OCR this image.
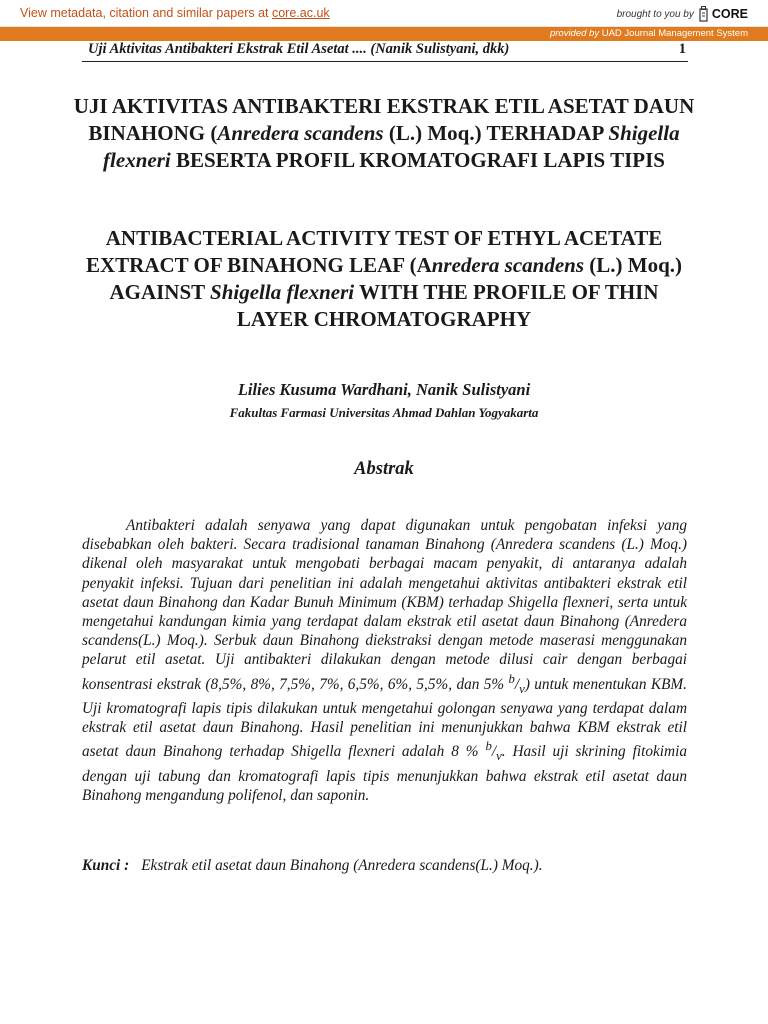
View metadata, citation and similar papers at core.ac.uk	brought to you by CORE
provided by UAD Journal Management System
Uji Aktivitas Antibakteri Ekstrak Etil Asetat .... (Nanik Sulistyani, dkk)	1
UJI AKTIVITAS ANTIBAKTERI EKSTRAK ETIL ASETAT DAUN BINAHONG (Anredera scandens (L.) Moq.) TERHADAP Shigella flexneri BESERTA PROFIL KROMATOGRAFI LAPIS TIPIS
ANTIBACTERIAL ACTIVITY TEST OF ETHYL ACETATE EXTRACT OF BINAHONG LEAF (Anredera scandens (L.) Moq.) AGAINST Shigella flexneri WITH THE PROFILE OF THIN LAYER CHROMATOGRAPHY
Lilies Kusuma Wardhani, Nanik Sulistyani
Fakultas Farmasi Universitas Ahmad Dahlan Yogyakarta
Abstrak
Antibakteri adalah senyawa yang dapat digunakan untuk pengobatan infeksi yang disebabkan oleh bakteri. Secara tradisional tanaman Binahong (Anredera scandens (L.) Moq.) dikenal oleh masyarakat untuk mengobati berbagai macam penyakit, di antaranya adalah penyakit infeksi. Tujuan dari penelitian ini adalah mengetahui aktivitas antibakteri ekstrak etil asetat daun Binahong dan Kadar Bunuh Minimum (KBM) terhadap Shigella flexneri, serta untuk mengetahui kandungan kimia yang terdapat dalam ekstrak etil asetat daun Binahong (Anredera scandens(L.) Moq.). Serbuk daun Binahong diekstraksi dengan metode maserasi menggunakan pelarut etil asetat. Uji antibakteri dilakukan dengan metode dilusi cair dengan berbagai konsentrasi ekstrak (8,5%, 8%, 7,5%, 7%, 6,5%, 6%, 5,5%, dan 5% $^b/_v$) untuk menentukan KBM. Uji kromatografi lapis tipis dilakukan untuk mengetahui golongan senyawa yang terdapat dalam ekstrak etil asetat daun Binahong. Hasil penelitian ini menunjukkan bahwa KBM ekstrak etil asetat daun Binahong terhadap Shigella flexneri adalah 8 % $^b/_v$. Hasil uji skrining fitokimia dengan uji tabung dan kromatografi lapis tipis menunjukkan bahwa ekstrak etil asetat daun Binahong mengandung polifenol, dan saponin.
Kunci : Ekstrak etil asetat daun Binahong (Anredera scandens(L.) Moq.).
